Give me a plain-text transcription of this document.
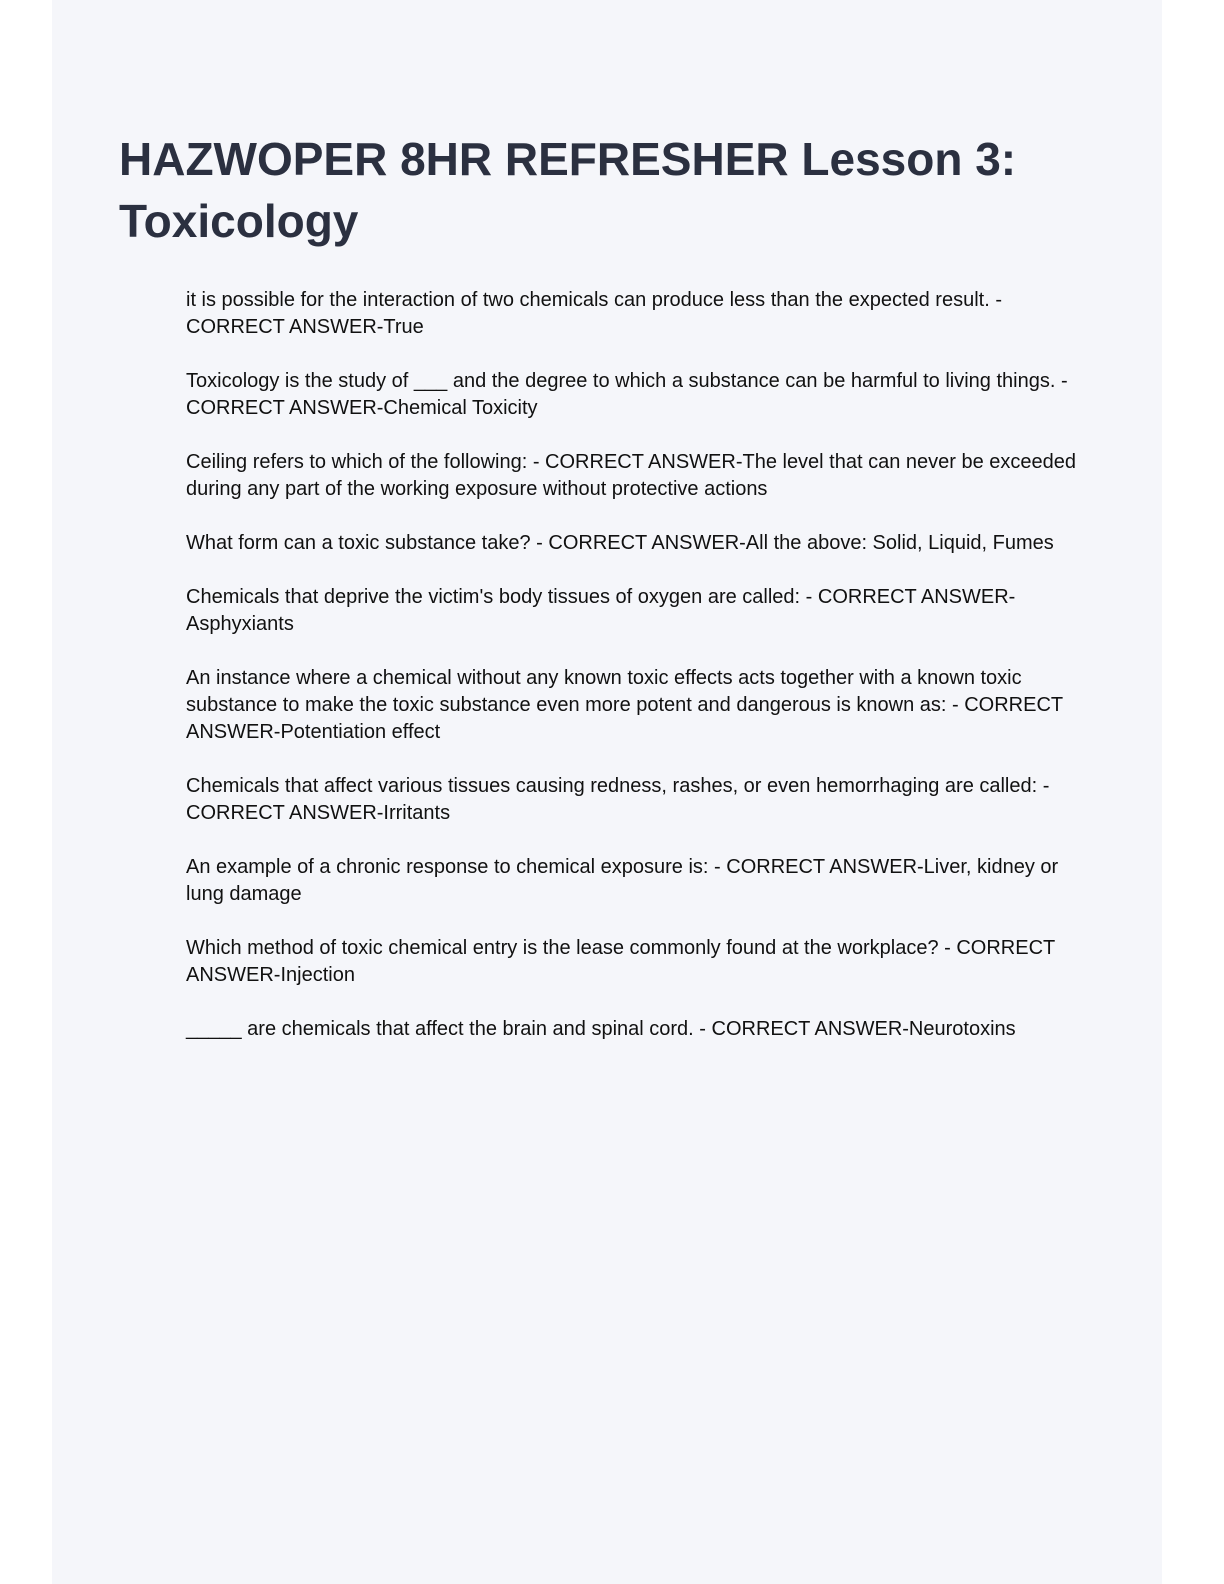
HAZWOPER 8HR REFRESHER Lesson 3: Toxicology
it is possible for the interaction of two chemicals can produce less than the expected result. - CORRECT ANSWER-True
Toxicology is the study of ___ and the degree to which a substance can be harmful to living things. - CORRECT ANSWER-Chemical Toxicity
Ceiling refers to which of the following: - CORRECT ANSWER-The level that can never be exceeded during any part of the working exposure without protective actions
What form can a toxic substance take? - CORRECT ANSWER-All the above: Solid, Liquid, Fumes
Chemicals that deprive the victim's body tissues of oxygen are called: - CORRECT ANSWER-Asphyxiants
An instance where a chemical without any known toxic effects acts together with a known toxic substance to make the toxic substance even more potent and dangerous is known as: - CORRECT ANSWER-Potentiation effect
Chemicals that affect various tissues causing redness, rashes, or even hemorrhaging are called: - CORRECT ANSWER-Irritants
An example of a chronic response to chemical exposure is: - CORRECT ANSWER-Liver, kidney or lung damage
Which method of toxic chemical entry is the lease commonly found at the workplace? - CORRECT ANSWER-Injection
_____ are chemicals that affect the brain and spinal cord. - CORRECT ANSWER-Neurotoxins
